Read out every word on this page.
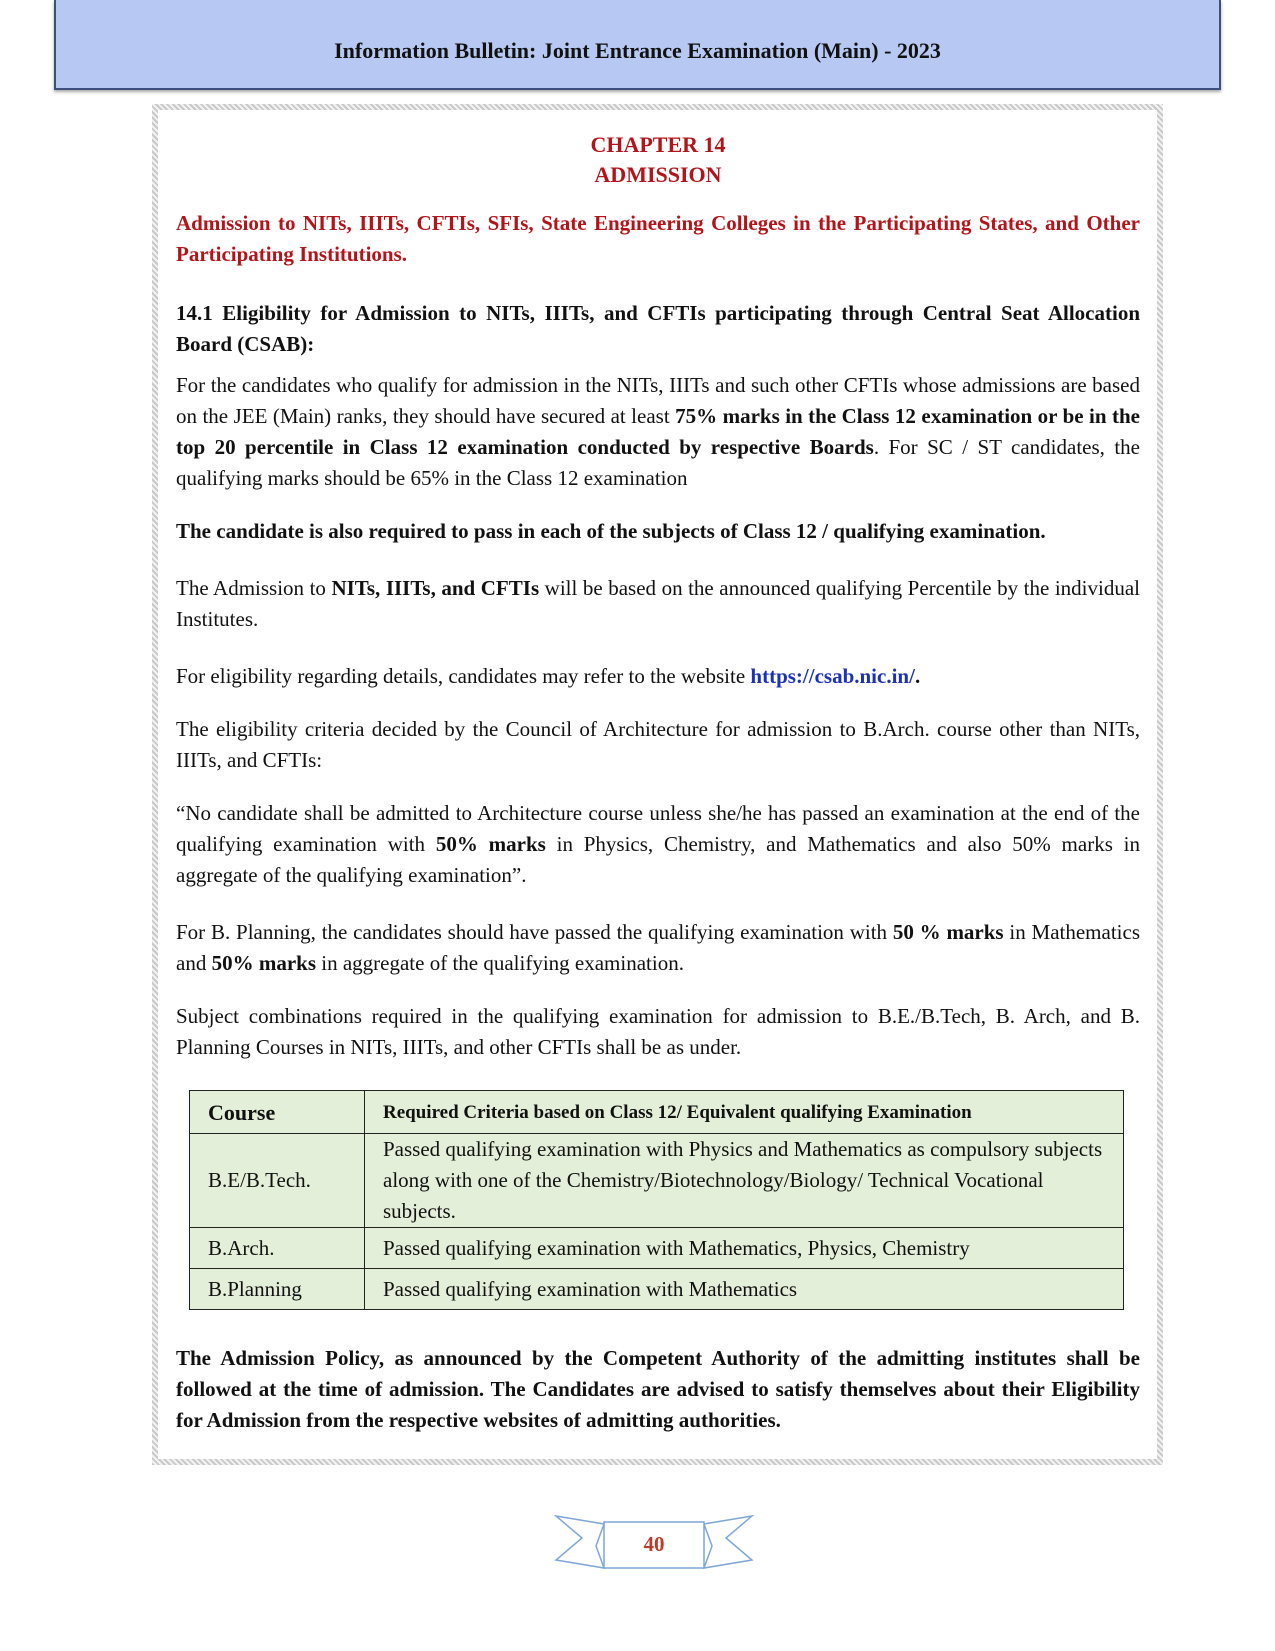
Information Bulletin: Joint Entrance Examination (Main) - 2023
CHAPTER 14
ADMISSION
Admission to NITs, IIITs, CFTIs, SFIs, State Engineering Colleges in the Participating States, and Other Participating Institutions.
14.1 Eligibility for Admission to NITs, IIITs, and CFTIs participating through Central Seat Allocation Board (CSAB):

For the candidates who qualify for admission in the NITs, IIITs and such other CFTIs whose admissions are based on the JEE (Main) ranks, they should have secured at least 75% marks in the Class 12 examination or be in the top 20 percentile in Class 12 examination conducted by respective Boards. For SC / ST candidates, the qualifying marks should be 65% in the Class 12 examination

The candidate is also required to pass in each of the subjects of Class 12 / qualifying examination.

The Admission to NITs, IIITs, and CFTIs will be based on the announced qualifying Percentile by the individual Institutes.

For eligibility regarding details, candidates may refer to the website https://csab.nic.in/.

The eligibility criteria decided by the Council of Architecture for admission to B.Arch. course other than NITs, IIITs, and CFTIs:

“No candidate shall be admitted to Architecture course unless she/he has passed an examination at the end of the qualifying examination with 50% marks in Physics, Chemistry, and Mathematics and also 50% marks in aggregate of the qualifying examination”.

For B. Planning, the candidates should have passed the qualifying examination with 50 % marks in Mathematics and 50% marks in aggregate of the qualifying examination.

Subject combinations required in the qualifying examination for admission to B.E./B.Tech, B. Arch, and B. Planning Courses in NITs, IIITs, and other CFTIs shall be as under.

Course	Required Criteria based on Class 12/ Equivalent qualifying Examination
B.E/B.Tech.	Passed qualifying examination with Physics and Mathematics as compulsory subjects along with one of the Chemistry/Biotechnology/Biology/ Technical Vocational subjects.
B.Arch.	Passed qualifying examination with Mathematics, Physics, Chemistry
B.Planning	Passed qualifying examination with Mathematics
The Admission Policy, as announced by the Competent Authority of the admitting institutes shall be followed at the time of admission. The Candidates are advised to satisfy themselves about their Eligibility for Admission from the respective websites of admitting authorities.
40
